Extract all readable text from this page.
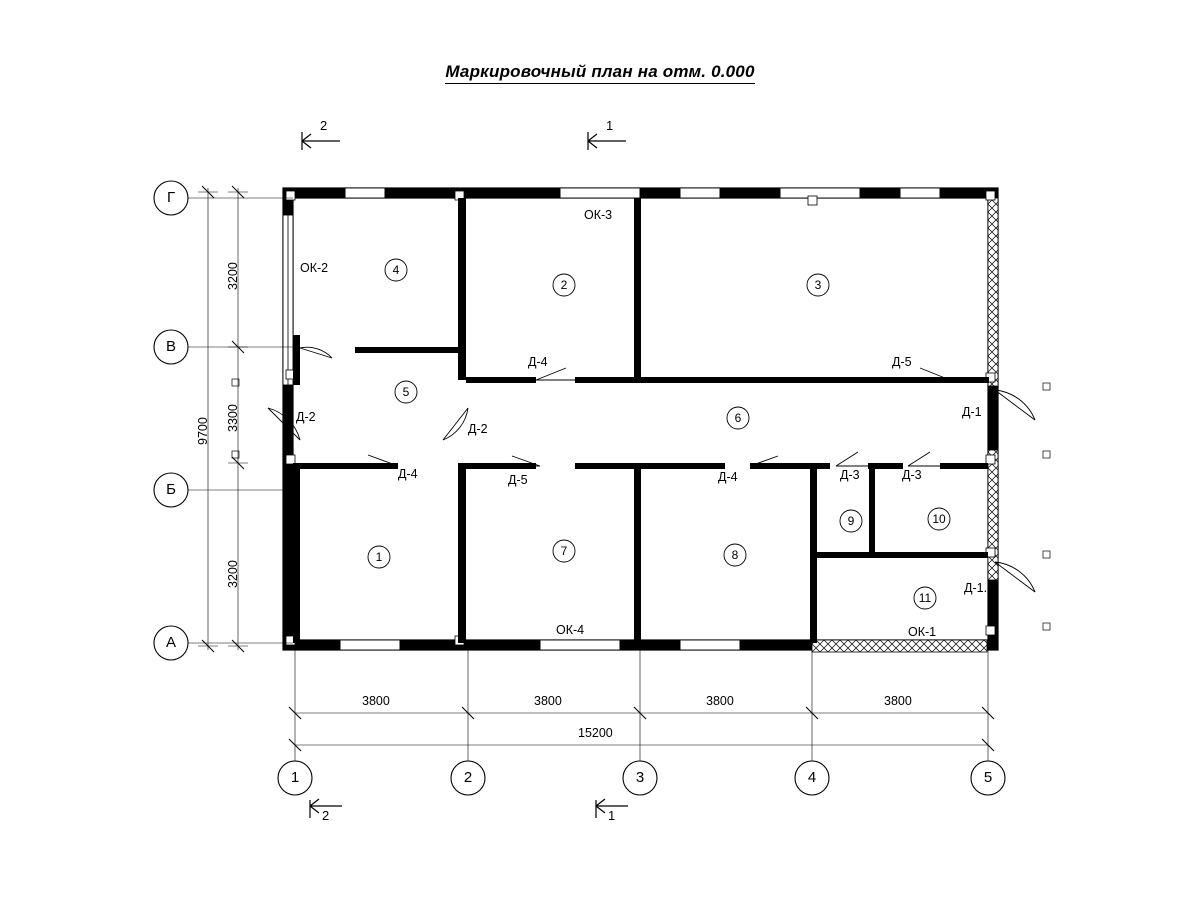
Маркировочный план на отм. 0.000
Г
В
Б
А
1	2	3	4	5
2	1
2	1
3200
3300
3200
9700
3800	3800	3800	3800
15200
4
2	3
5
6
1	7	8
9	10
11
ОК-2
ОК-3
ОК-4	ОК-1
Д-4	Д-5
Д-1
Д-2
Д-2
Д-4	Д-5	Д-4	Д-3	Д-3
Д-1.1
